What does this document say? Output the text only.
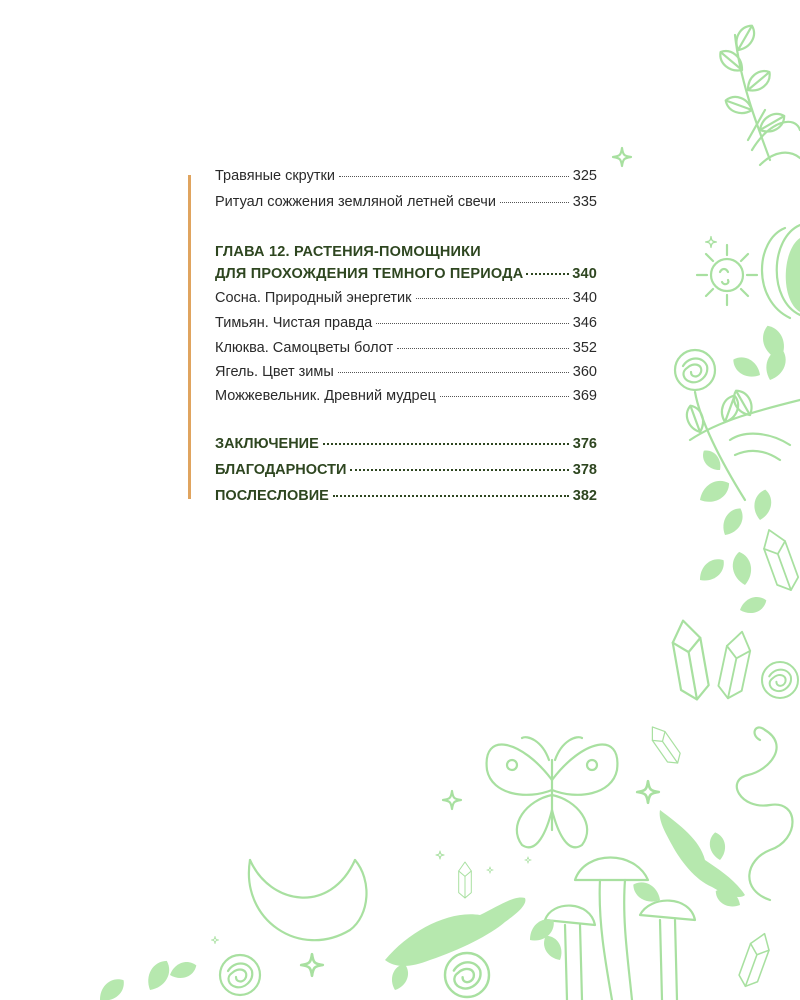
Травяные скрутки	325
Ритуал сожжения земляной летней свечи	335
ГЛАВА 12. РАСТЕНИЯ-ПОМОЩНИКИ
ДЛЯ ПРОХОЖДЕНИЯ ТЕМНОГО ПЕРИОДА	340
Сосна. Природный энергетик	340
Тимьян. Чистая правда	346
Клюква. Самоцветы болот	352
Ягель. Цвет зимы	360
Можжевельник. Древний мудрец	369
ЗАКЛЮЧЕНИЕ	376
БЛАГОДАРНОСТИ	378
ПОСЛЕСЛОВИЕ	382
